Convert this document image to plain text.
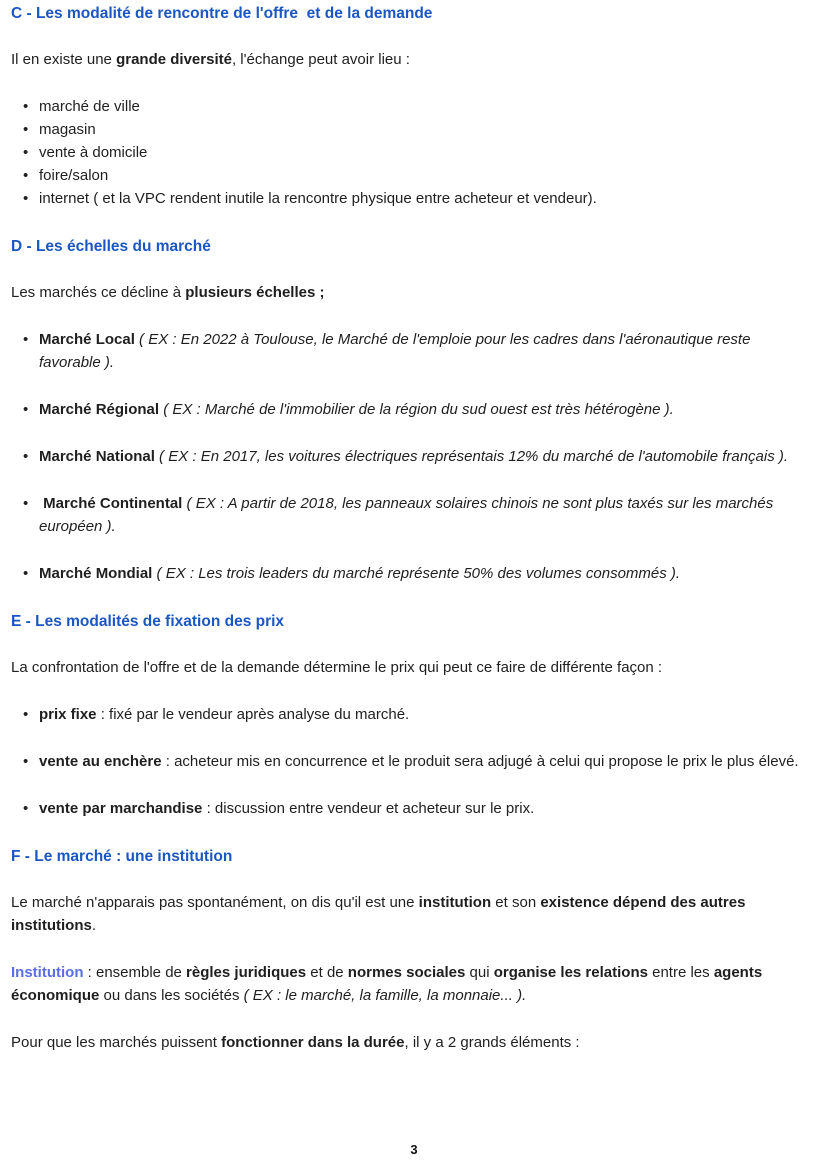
C - Les modalité de rencontre de l'offre  et de la demande

Il en existe une grande diversité, l'échange peut avoir lieu :

• marché de ville
• magasin
• vente à domicile
• foire/salon
• internet ( et la VPC rendent inutile la rencontre physique entre acheteur et vendeur).
D - Les échelles du marché

Les marchés ce décline à plusieurs échelles ;

• Marché Local ( EX : En 2022 à Toulouse, le Marché de l'emploie pour les cadres dans l'aéronautique reste favorable ).
• Marché Régional ( EX : Marché de l'immobilier de la région du sud ouest est très hétérogène ).
• Marché National ( EX : En 2017, les voitures électriques représentais 12% du marché de l'automobile français ).
•  Marché Continental ( EX : A partir de 2018, les panneaux solaires chinois ne sont plus taxés sur les marchés européen ).
• Marché Mondial ( EX : Les trois leaders du marché représente 50% des volumes consommés ).
E - Les modalités de fixation des prix

La confrontation de l'offre et de la demande détermine le prix qui peut ce faire de différente façon :

• prix fixe : fixé par le vendeur après analyse du marché.
• vente au enchère : acheteur mis en concurrence et le produit sera adjugé à celui qui propose le prix le plus élevé.
• vente par marchandise : discussion entre vendeur et acheteur sur le prix.
F - Le marché : une institution

Le marché n'apparais pas spontanément, on dis qu'il est une institution et son existence dépend des autres institutions.

Institution : ensemble de règles juridiques et de normes sociales qui organise les relations entre les agents économique ou dans les sociétés ( EX : le marché, la famille, la monnaie... ).

Pour que les marchés puissent fonctionner dans la durée, il y a 2 grands éléments :

3
